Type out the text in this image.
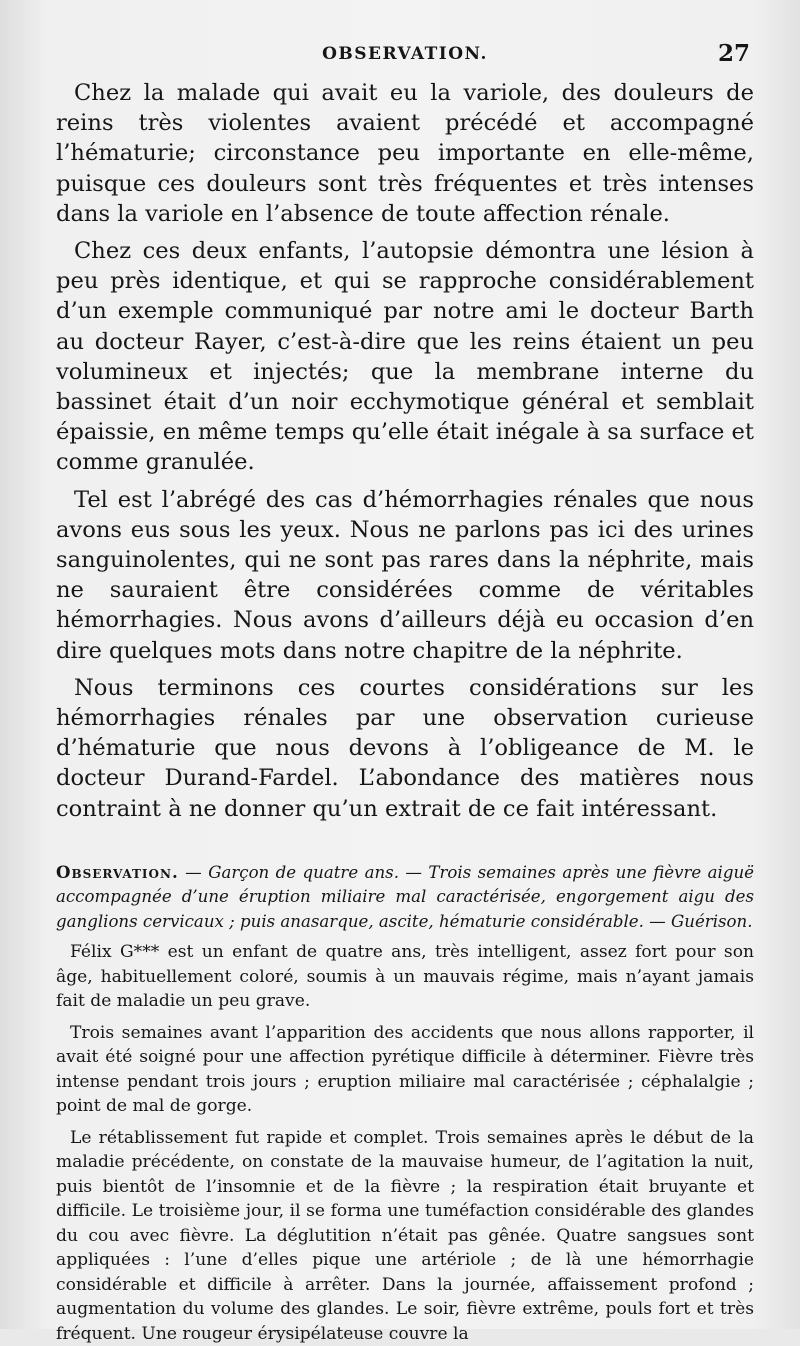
OBSERVATION.	27

Chez la malade qui avait eu la variole, des douleurs de reins très violentes avaient précédé et accompagné l’hématurie; circonstance peu importante en elle-même, puisque ces douleurs sont très fréquentes et très intenses dans la variole en l’absence de toute affection rénale.

Chez ces deux enfants, l’autopsie démontra une lésion à peu près identique, et qui se rapproche considérablement d’un exemple communiqué par notre ami le docteur Barth au docteur Rayer, c’est-à-dire que les reins étaient un peu volumineux et injectés; que la membrane interne du bassinet était d’un noir ecchymotique général et semblait épaissie, en même temps qu’elle était inégale à sa surface et comme granulée.

Tel est l’abrégé des cas d’hémorrhagies rénales que nous avons eus sous les yeux. Nous ne parlons pas ici des urines sanguinolentes, qui ne sont pas rares dans la néphrite, mais ne sauraient être considérées comme de véritables hémorrhagies. Nous avons d’ailleurs déjà eu occasion d’en dire quelques mots dans notre chapitre de la néphrite.

Nous terminons ces courtes considérations sur les hémorrhagies rénales par une observation curieuse d’hématurie que nous devons à l’obligeance de M. le docteur Durand-Fardel. L’abondance des matières nous contraint à ne donner qu’un extrait de ce fait intéressant.

Observation. — Garçon de quatre ans. — Trois semaines après une fièvre aiguë accompagnée d’une éruption miliaire mal caractérisée, engorgement aigu des ganglions cervicaux ; puis anasarque, ascite, hématurie considérable. — Guérison.

Félix G*** est un enfant de quatre ans, très intelligent, assez fort pour son âge, habituellement coloré, soumis à un mauvais régime, mais n’ayant jamais fait de maladie un peu grave.

Trois semaines avant l’apparition des accidents que nous allons rapporter, il avait été soigné pour une affection pyrétique difficile à déterminer. Fièvre très intense pendant trois jours ; eruption miliaire mal caractérisée ; céphalalgie ; point de mal de gorge.

Le rétablissement fut rapide et complet. Trois semaines après le début de la maladie précédente, on constate de la mauvaise humeur, de l’agitation la nuit, puis bientôt de l’insomnie et de la fièvre ; la respiration était bruyante et difficile. Le troisième jour, il se forma une tuméfaction considérable des glandes du cou avec fièvre. La déglutition n’était pas gênée. Quatre sangsues sont appliquées : l’une d’elles pique une artériole ; de là une hémorrhagie considérable et difficile à arrêter. Dans la journée, affaissement profond ; augmentation du volume des glandes. Le soir, fièvre extrême, pouls fort et très fréquent. Une rougeur érysipélateuse couvre la
